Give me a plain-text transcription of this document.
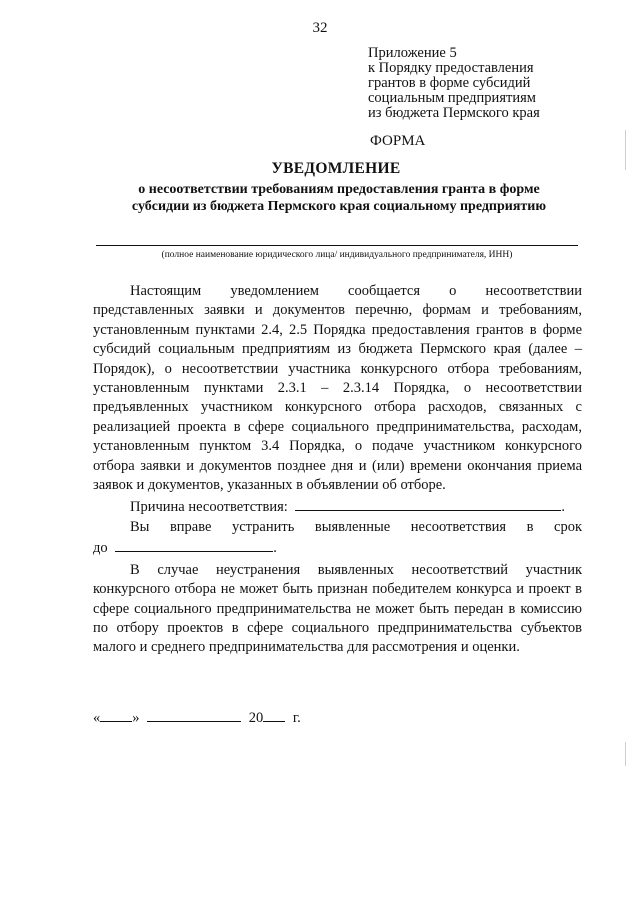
32
Приложение 5
к Порядку предоставления
грантов в форме субсидий
социальным предприятиям
из бюджета Пермского края
ФОРМА
УВЕДОМЛЕНИЕ
о несоответствии требованиям предоставления гранта в форме
субсидии из бюджета Пермского края социальному предприятию
(полное наименование юридического лица/ индивидуального предпринимателя, ИНН)

Настоящим уведомлением сообщается о несоответствии представленных заявки и документов перечню, формам и требованиям, установленным пунктами 2.4, 2.5 Порядка предоставления грантов в форме субсидий социальным предприятиям из бюджета Пермского края (далее – Порядок), о несоответствии участника конкурсного отбора требованиям, установленным пунктами 2.3.1 – 2.3.14 Порядка, о несоответствии предъявленных участником конкурсного отбора расходов, связанных с реализацией проекта в сфере социального предпринимательства, расходам, установленным пунктом 3.4 Порядка, о подаче участником конкурсного отбора заявки и документов позднее дня и (или) времени окончания приема заявок и документов, указанных в объявлении об отборе.

Причина несоответствия:	.

Вы вправе устранить выявленные несоответствия в срок

до	.

В случае неустранения выявленных несоответствий участник конкурсного отбора не может быть признан победителем конкурса и проект в сфере социального предпринимательства не может быть передан в комиссию по отбору проектов в сфере социального предпринимательства субъектов малого и среднего предпринимательства для рассмотрения и оценки.

« »	20 г.
